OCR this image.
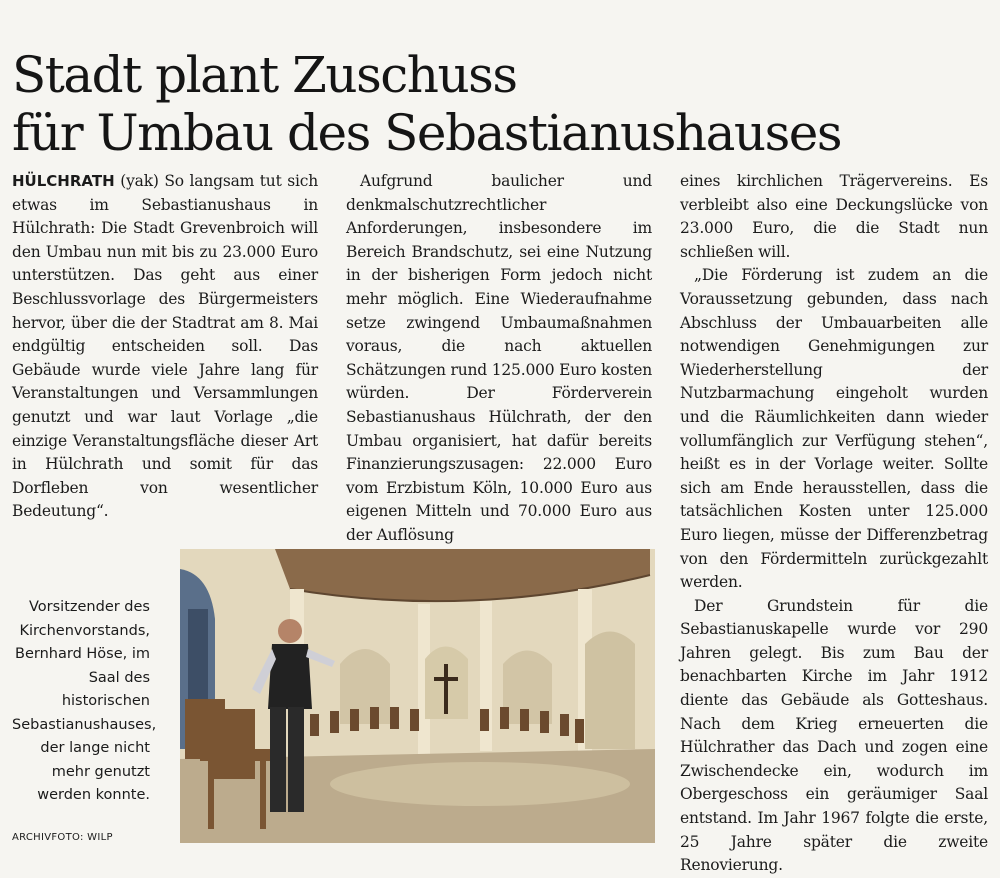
Stadt plant Zuschuss
für Umbau des Sebastianushauses

HÜLCHRATH (yak) So langsam tut sich etwas im Sebastianushaus in Hülchrath: Die Stadt Grevenbroich will den Umbau nun mit bis zu 23.000 Euro unterstützen. Das geht aus einer Beschlussvorlage des Bürgermeisters hervor, über die der Stadtrat am 8. Mai endgültig entscheiden soll. Das Gebäude wurde viele Jahre lang für Veranstaltungen und Versammlungen genutzt und war laut Vorlage „die einzige Veranstaltungsfläche dieser Art in Hülchrath und somit für das Dorfleben von wesentlicher Bedeutung“.

Aufgrund baulicher und denkmalschutzrechtlicher Anforderungen, insbesondere im Bereich Brandschutz, sei eine Nutzung in der bisherigen Form jedoch nicht mehr möglich. Eine Wiederaufnahme setze zwingend Umbaumaßnahmen voraus, die nach aktuellen Schätzungen rund 125.000 Euro kosten würden. Der Förderverein Sebastianushaus Hülchrath, der den Umbau organisiert, hat dafür bereits Finanzierungszusagen: 22.000 Euro vom Erzbistum Köln, 10.000 Euro aus eigenen Mitteln und 70.000 Euro aus der Auflösung

eines kirchlichen Trägervereins. Es verbleibt also eine Deckungslücke von 23.000 Euro, die die Stadt nun schließen will.

„Die Förderung ist zudem an die Voraussetzung gebunden, dass nach Abschluss der Umbauarbeiten alle notwendigen Genehmigungen zur Wiederherstellung der Nutzbarmachung eingeholt wurden und die Räumlichkeiten dann wieder vollumfänglich zur Verfügung stehen“, heißt es in der Vorlage weiter. Sollte sich am Ende herausstellen, dass die tatsächlichen Kosten unter 125.000 Euro liegen, müsse der Differenzbetrag von den Fördermitteln zurückgezahlt werden.

Der Grundstein für die Sebastianuskapelle wurde vor 290 Jahren gelegt. Bis zum Bau der benachbarten Kirche im Jahr 1912 diente das Gebäude als Gotteshaus. Nach dem Krieg erneuerten die Hülchrather das Dach und zogen eine Zwischendecke ein, wodurch im Obergeschoss ein geräumiger Saal entstand. Im Jahr 1967 folgte die erste, 25 Jahre später die zweite Renovierung.

Vorsitzender des Kirchenvorstands, Bernhard Höse, im Saal des historischen Sebastianushauses, der lange nicht mehr genutzt werden konnte.
ARCHIVFOTO: WILP
